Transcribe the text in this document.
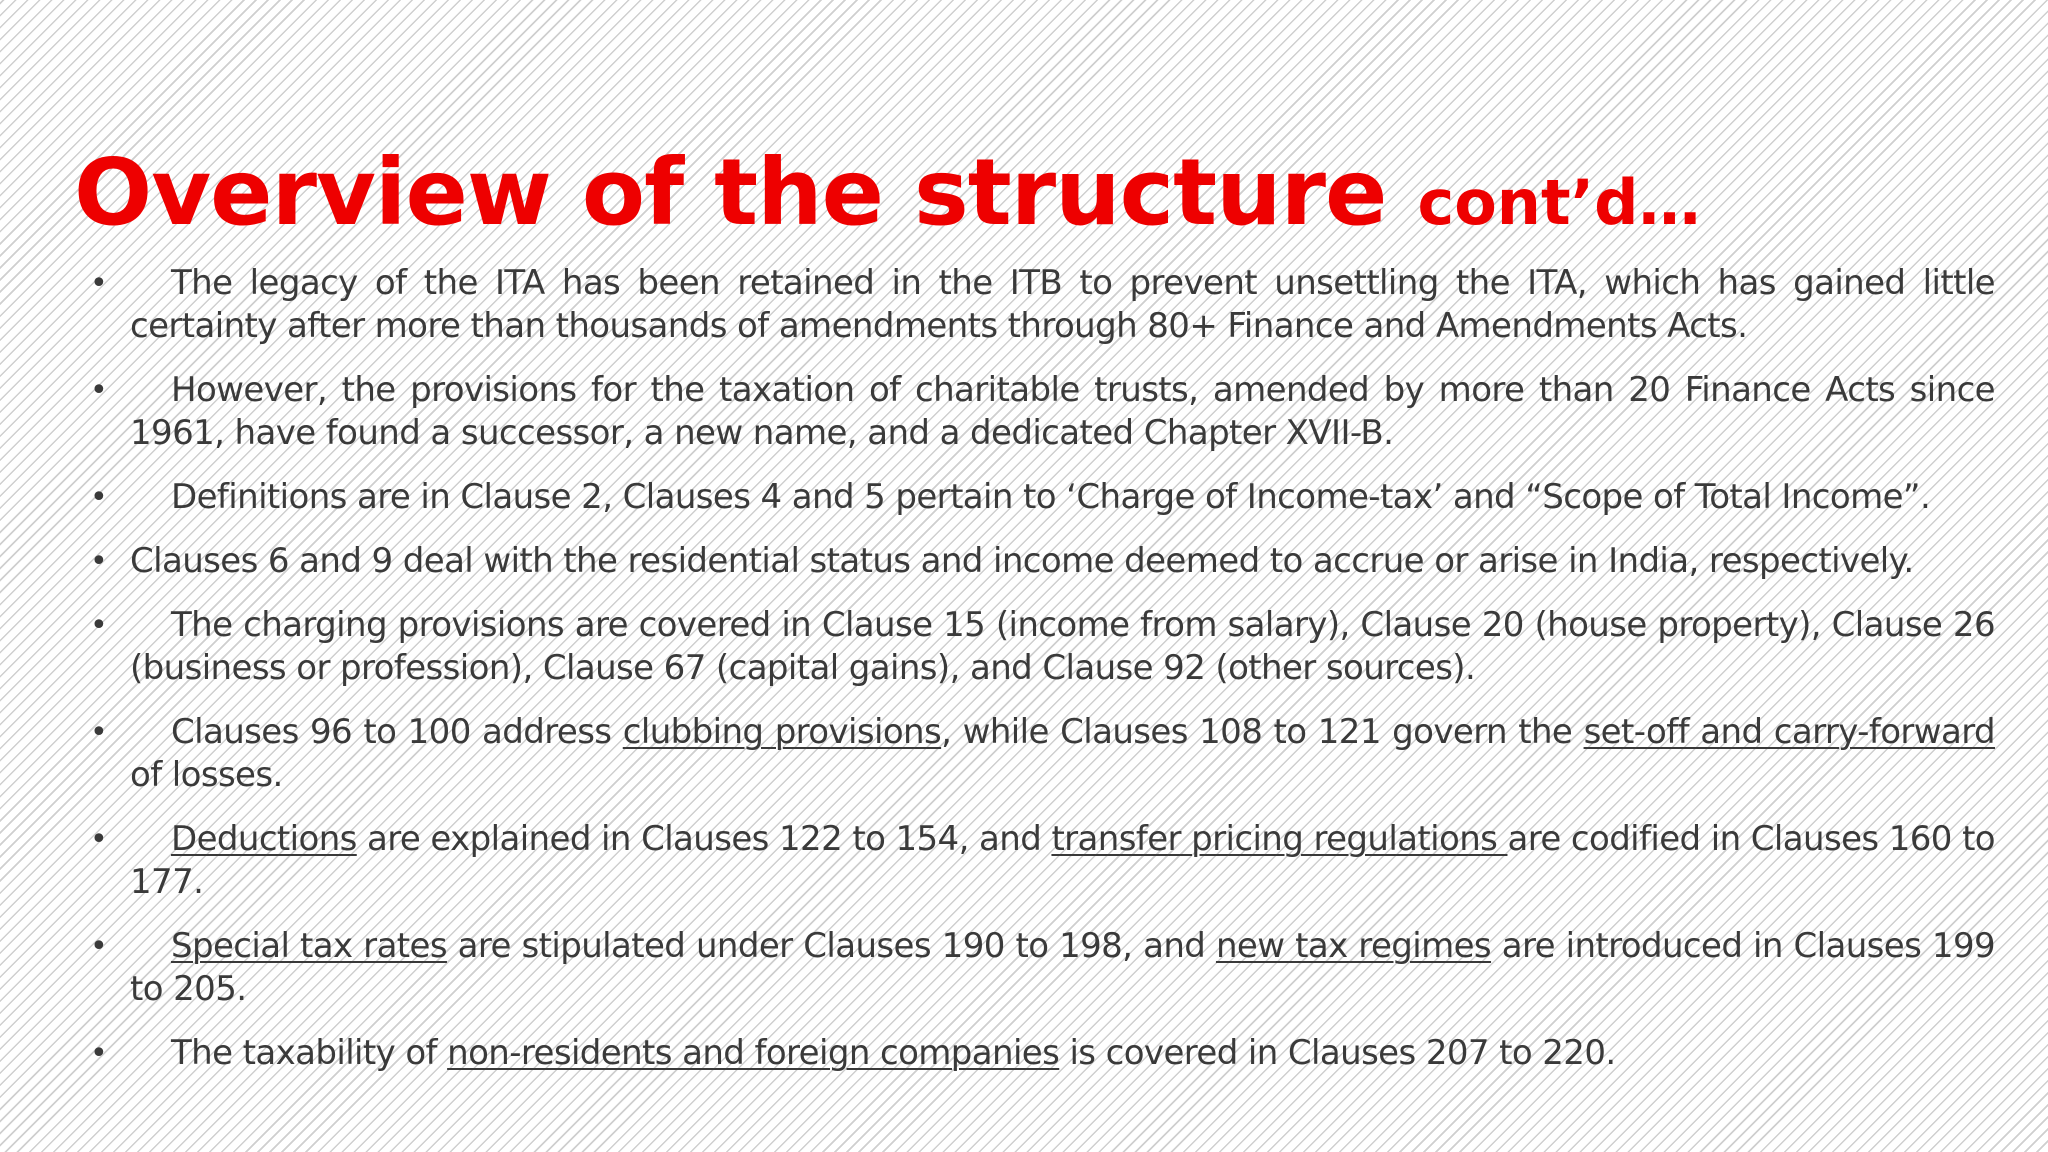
Overview of the structure cont’d…
• The legacy of the ITA has been retained in the ITB to prevent unsettling the ITA, which has gained little certainty after more than thousands of amendments through 80+ Finance and Amendments Acts.
• However, the provisions for the taxation of charitable trusts, amended by more than 20 Finance Acts since 1961, have found a successor, a new name, and a dedicated Chapter XVII-B.
• Definitions are in Clause 2, Clauses 4 and 5 pertain to ‘Charge of Income-tax’ and “Scope of Total Income”.
• Clauses 6 and 9 deal with the residential status and income deemed to accrue or arise in India, respectively.
• The charging provisions are covered in Clause 15 (income from salary), Clause 20 (house property), Clause 26 (business or profession), Clause 67 (capital gains), and Clause 92 (other sources).
• Clauses 96 to 100 address clubbing provisions, while Clauses 108 to 121 govern the set-off and carry-forward of losses.
• Deductions are explained in Clauses 122 to 154, and transfer pricing regulations are codified in Clauses 160 to 177.
• Special tax rates are stipulated under Clauses 190 to 198, and new tax regimes are introduced in Clauses 199 to 205.
• The taxability of non-residents and foreign companies is covered in Clauses 207 to 220.
